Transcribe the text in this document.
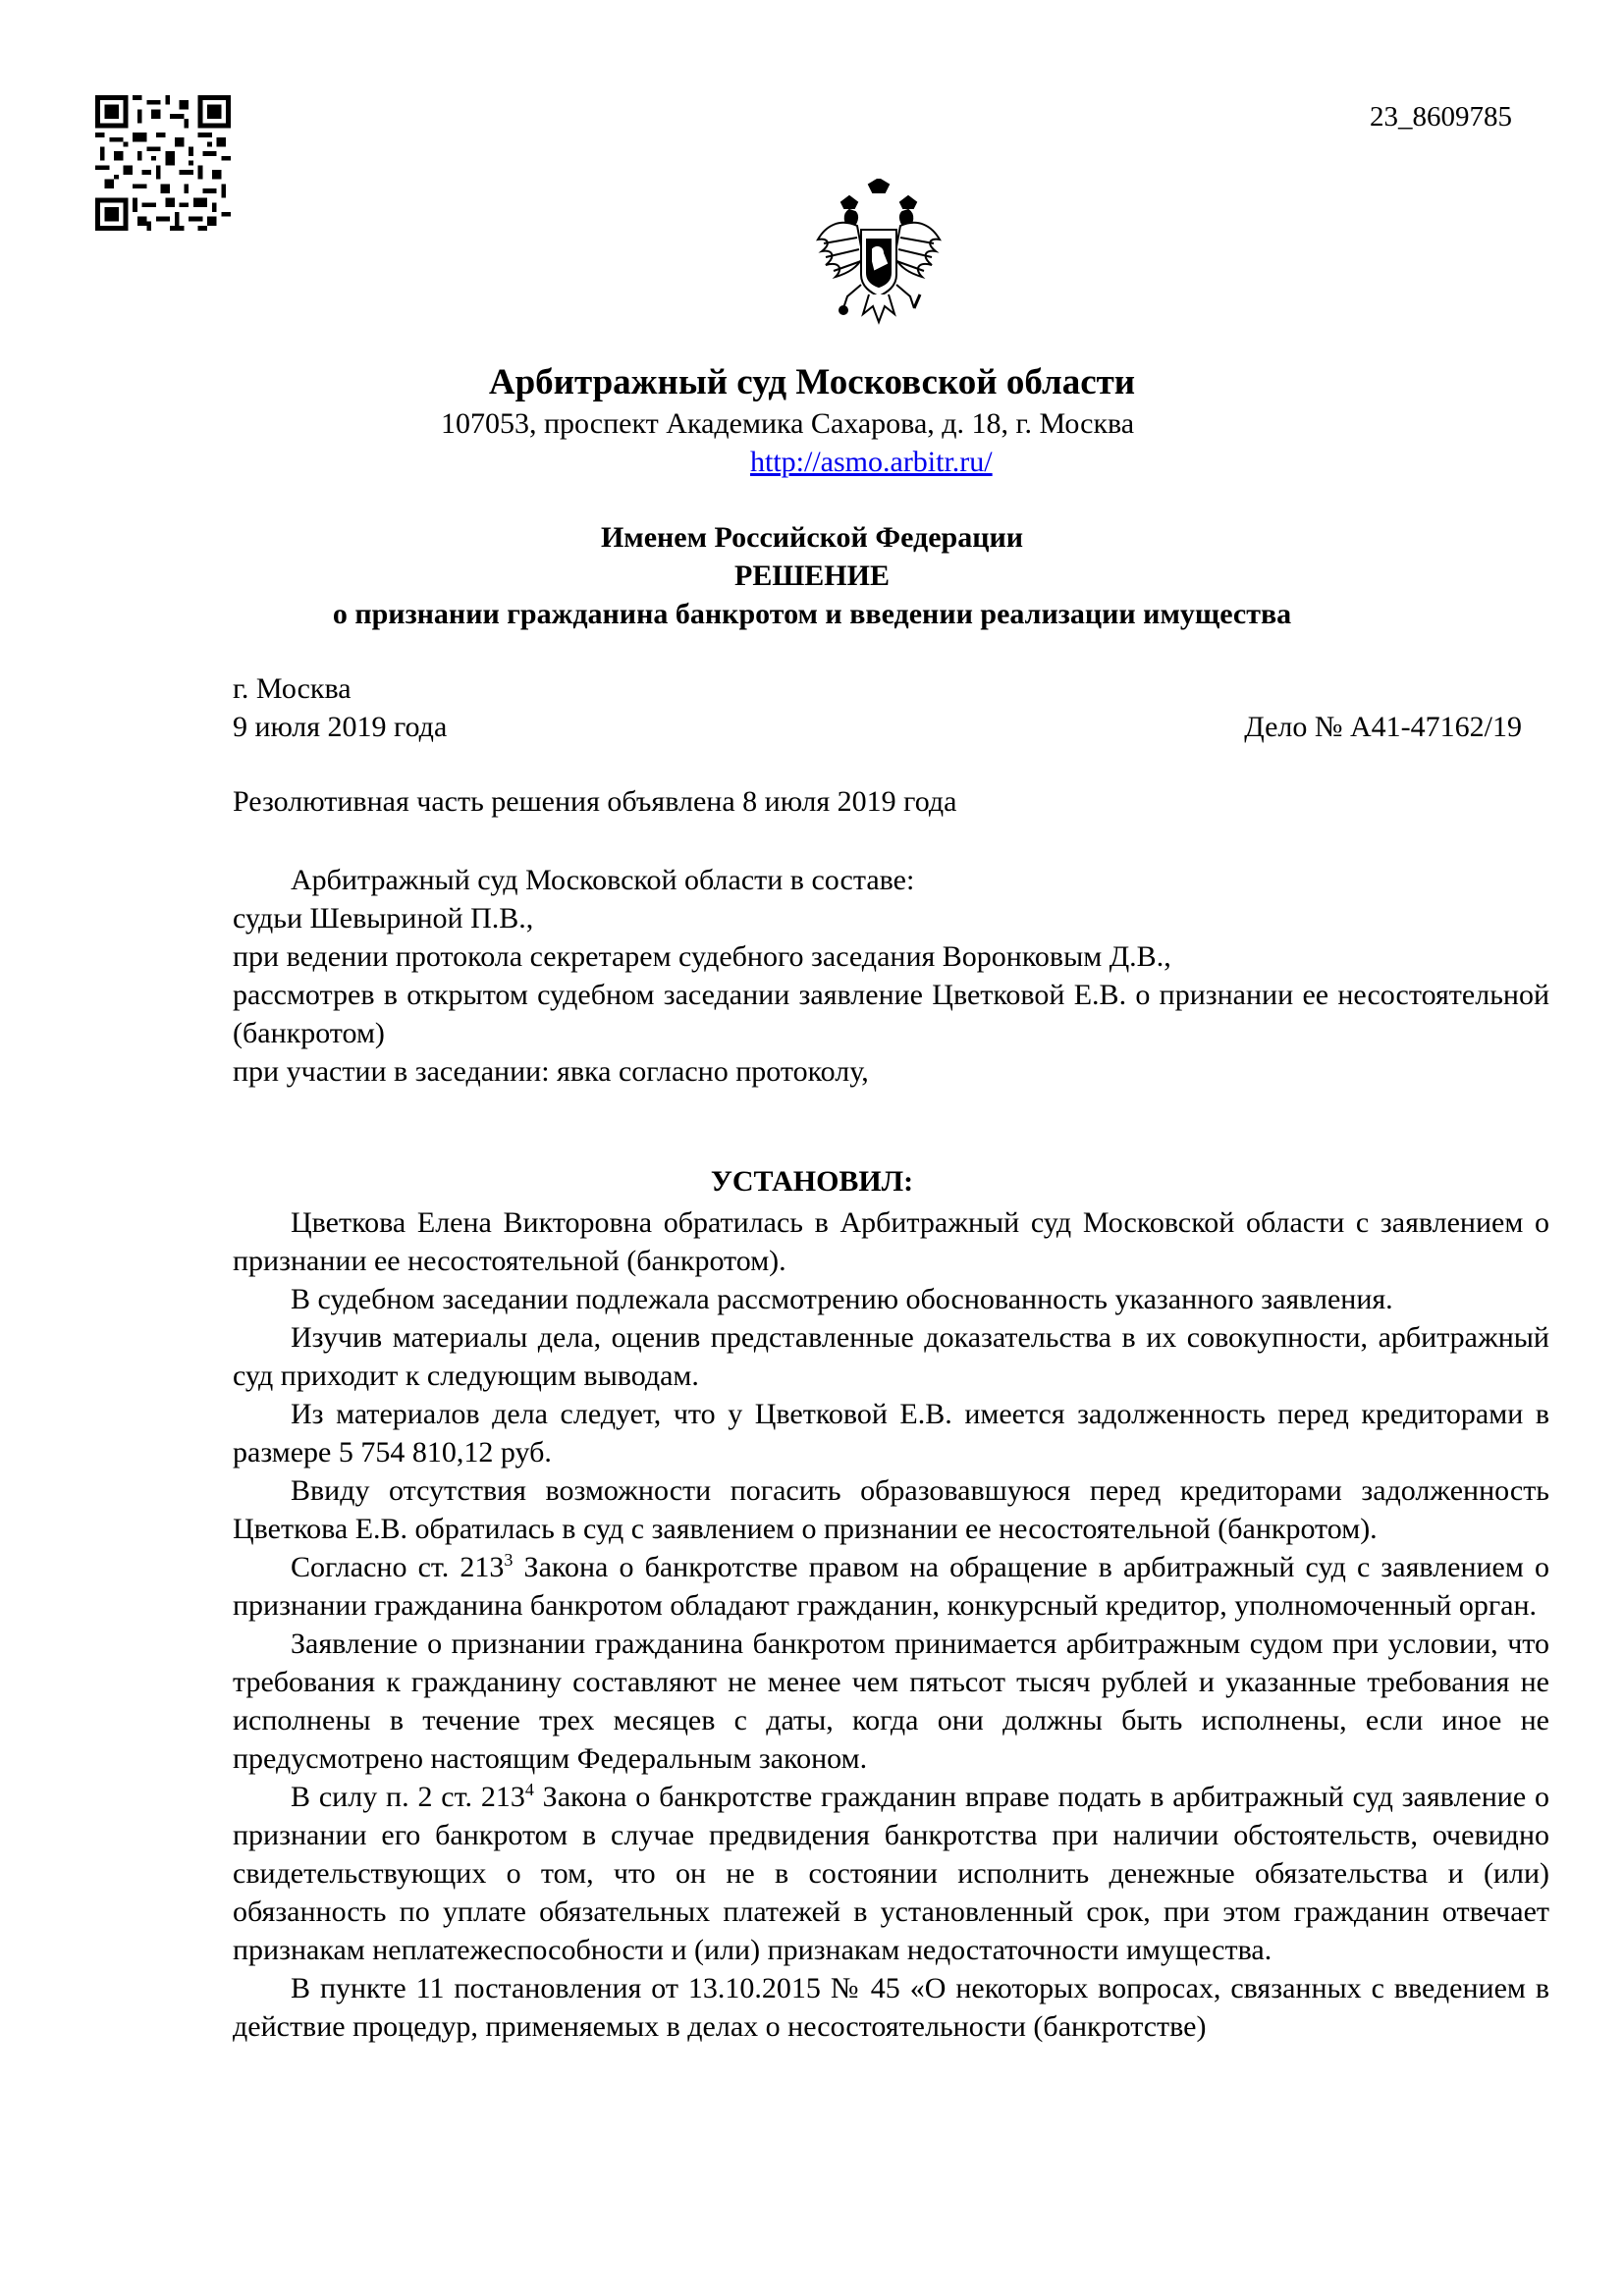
23_8609785
Арбитражный суд Московской области
107053, проспект Академика Сахарова, д. 18, г. Москва
http://asmo.arbitr.ru/
Именем Российской Федерации
РЕШЕНИЕ
о признании гражданина банкротом и введении реализации имущества
г. Москва
9 июля 2019 года	Дело № А41-47162/19
Резолютивная часть решения объявлена 8 июля 2019 года

Арбитражный суд Московской области в составе:

судьи Шевыриной П.В.,

при ведении протокола секретарем судебного заседания Воронковым Д.В.,

рассмотрев в открытом судебном заседании заявление Цветковой Е.В. о признании ее несостоятельной (банкротом)

при участии в заседании: явка согласно протоколу,

УСТАНОВИЛ:

Цветкова Елена Викторовна обратилась в Арбитражный суд Московской области с заявлением о признании ее несостоятельной (банкротом).

В судебном заседании подлежала рассмотрению обоснованность указанного заявления.

Изучив материалы дела, оценив представленные доказательства в их совокупности, арбитражный суд приходит к следующим выводам.

Из материалов дела следует, что у Цветковой Е.В. имеется задолженность перед кредиторами в размере 5 754 810,12 руб.

Ввиду отсутствия возможности погасить образовавшуюся перед кредиторами задолженность Цветкова Е.В. обратилась в суд с заявлением о признании ее несостоятельной (банкротом).

Согласно ст. $213^3$ Закона о банкротстве правом на обращение в арбитражный суд с заявлением о признании гражданина банкротом обладают гражданин, конкурсный кредитор, уполномоченный орган.

Заявление о признании гражданина банкротом принимается арбитражным судом при условии, что требования к гражданину составляют не менее чем пятьсот тысяч рублей и указанные требования не исполнены в течение трех месяцев с даты, когда они должны быть исполнены, если иное не предусмотрено настоящим Федеральным законом.

В силу п. 2 ст. $213^4$ Закона о банкротстве гражданин вправе подать в арбитражный суд заявление о признании его банкротом в случае предвидения банкротства при наличии обстоятельств, очевидно свидетельствующих о том, что он не в состоянии исполнить денежные обязательства и (или) обязанность по уплате обязательных платежей в установленный срок, при этом гражданин отвечает признакам неплатежеспособности и (или) признакам недостаточности имущества.

В пункте 11 постановления от 13.10.2015 № 45 «О некоторых вопросах, связанных с введением в действие процедур, применяемых в делах о несостоятельности (банкротстве)
